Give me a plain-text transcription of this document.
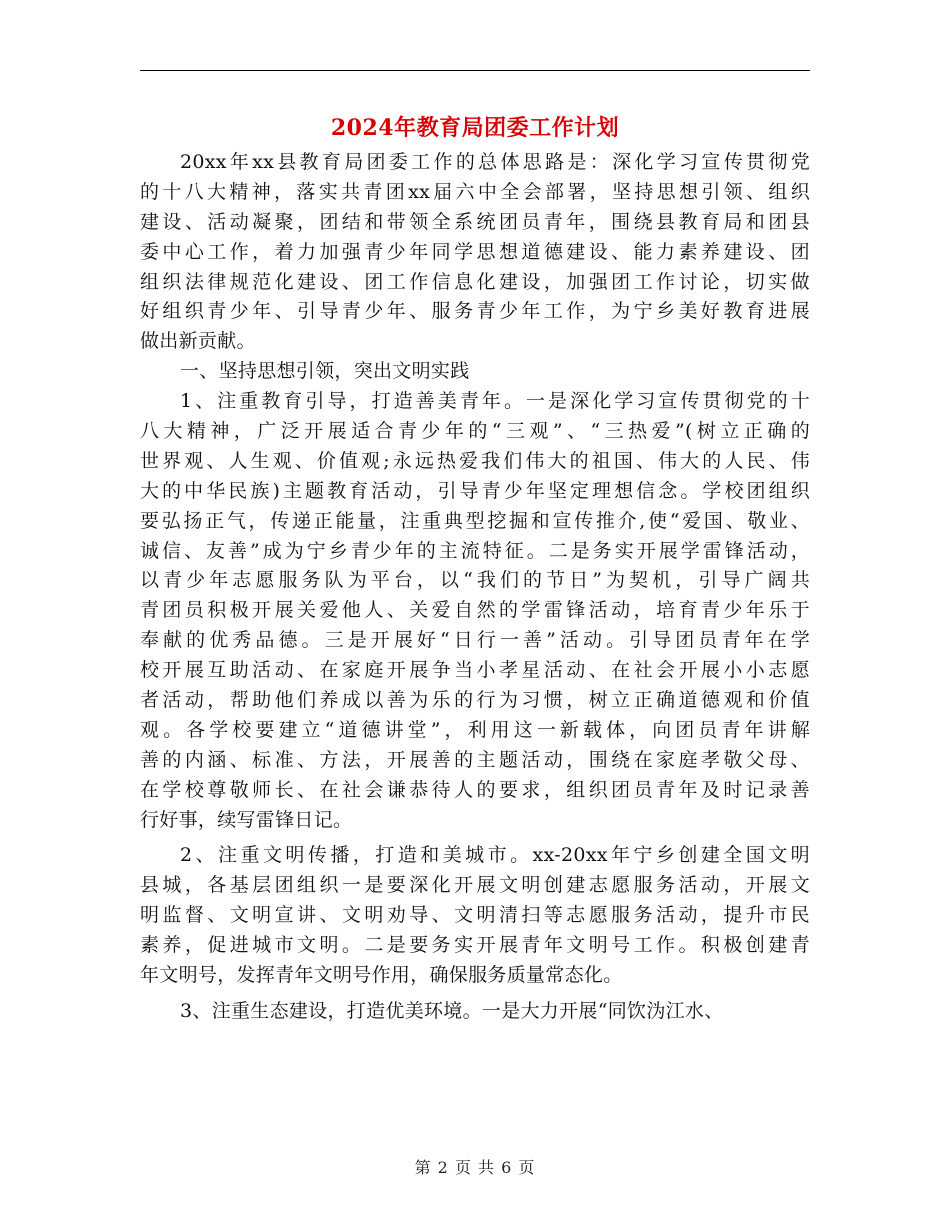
2024年教育局团委工作计划
20xx年xx县教育局团委工作的总体思路是：深化学习宣传贯彻党
的十八大精神，落实共青团xx届六中全会部署，坚持思想引领、组织
建设、活动凝聚，团结和带领全系统团员青年，围绕县教育局和团县
委中心工作，着力加强青少年同学思想道德建设、能力素养建设、团
组织法律规范化建设、团工作信息化建设，加强团工作讨论，切实做
好组织青少年、引导青少年、服务青少年工作，为宁乡美好教育进展
做出新贡献。
一、坚持思想引领，突出文明实践
1、注重教育引导，打造善美青年。一是深化学习宣传贯彻党的十
八大精神，广泛开展适合青少年的“三观”、“三热爱”(树立正确的
世界观、人生观、价值观;永远热爱我们伟大的祖国、伟大的人民、伟
大的中华民族)主题教育活动，引导青少年坚定理想信念。学校团组织
要弘扬正气，传递正能量，注重典型挖掘和宣传推介,使“爱国、敬业、
诚信、友善”成为宁乡青少年的主流特征。二是务实开展学雷锋活动，
以青少年志愿服务队为平台，以“我们的节日”为契机，引导广阔共
青团员积极开展关爱他人、关爱自然的学雷锋活动，培育青少年乐于
奉献的优秀品德。三是开展好“日行一善”活动。引导团员青年在学
校开展互助活动、在家庭开展争当小孝星活动、在社会开展小小志愿
者活动，帮助他们养成以善为乐的行为习惯，树立正确道德观和价值
观。各学校要建立“道德讲堂”，利用这一新载体，向团员青年讲解
善的内涵、标准、方法，开展善的主题活动，围绕在家庭孝敬父母、
在学校尊敬师长、在社会谦恭待人的要求，组织团员青年及时记录善
行好事，续写雷锋日记。
2、注重文明传播，打造和美城市。xx-20xx年宁乡创建全国文明
县城，各基层团组织一是要深化开展文明创建志愿服务活动，开展文
明监督、文明宣讲、文明劝导、文明清扫等志愿服务活动，提升市民
素养，促进城市文明。二是要务实开展青年文明号工作。积极创建青
年文明号，发挥青年文明号作用，确保服务质量常态化。
3、注重生态建设，打造优美环境。一是大力开展“同饮沩江水、
第 2 页 共 6 页
